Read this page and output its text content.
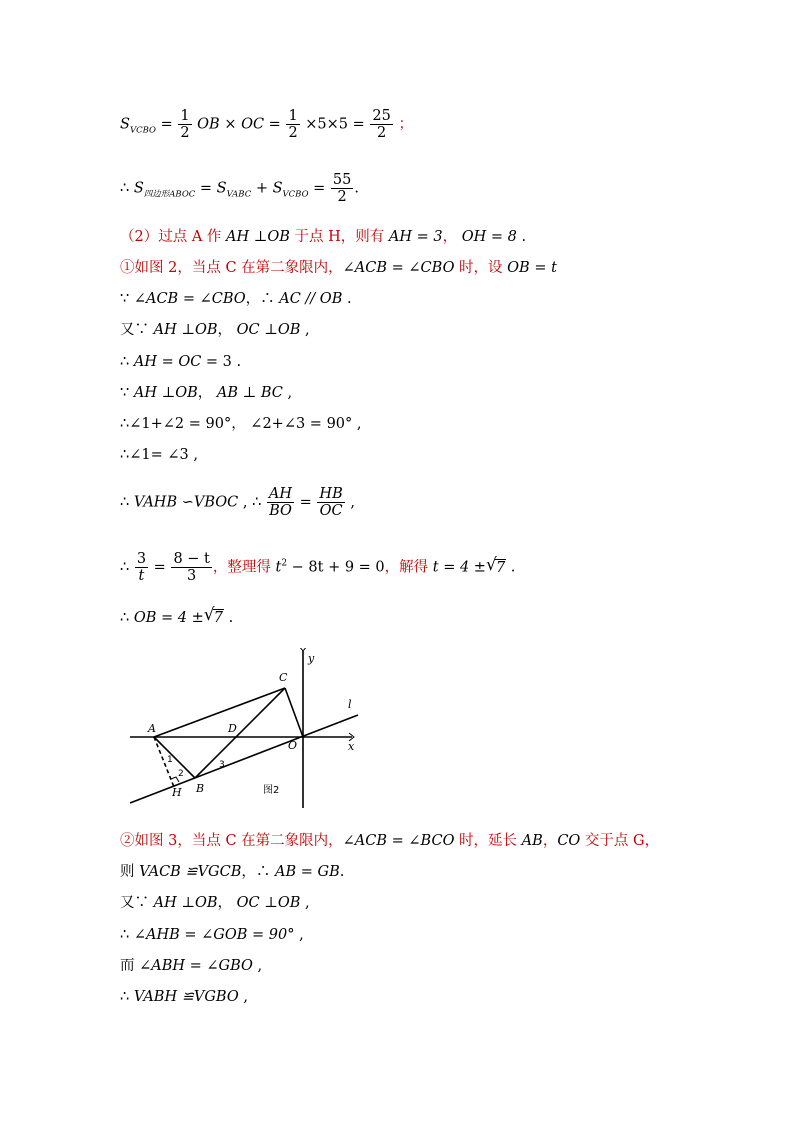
$S_{VCBO} = \frac{1}{2}$ OB × OC = $\frac{1}{2} \times 5\times 5 = \frac{25}{2}$ ；
∴ $S_{四边形ABOC} = S_{VABC} + S_{VCBO} = \frac{55}{2}$ .
（2）过点 A 作 AH ⊥OB 于点 H，则有 AH = 3， OH = 8 .
①如图 2，当点 C 在第二象限内，∠ACB = ∠CBO 时，设 OB = t
∵ ∠ACB = ∠CBO，∴ AC // OB .
又∵ AH ⊥OB， OC ⊥OB ,
∴ AH = OC = 3 .
∵ AH ⊥OB， AB ⊥ BC ,
∴∠1+∠2 = 90°， ∠2+∠3 = 90° ,
∴∠1= ∠3 ,
∴ VAHB ∽VBOC , ∴ $\frac{AH}{BO} = \frac{HB}{OC}$ ,
∴ $\frac{3}{t} = \frac{8 - t}{3}$ ，整理得 $t^2 - 8t + 9 = 0$，解得 t = 4 ± √ 7 .
∴ OB = 4 ± √ 7 .
y
x
l
C
A	D
O
B
H
1
2
3
图2
②如图 3，当点 C 在第二象限内，∠ACB = ∠BCO 时，延长 AB，CO 交于点 G，
则 VACB ≌VGCB，∴ AB = GB.
又∵ AH ⊥OB， OC ⊥OB ,
∴ ∠AHB = ∠GOB = 90° ,
而 ∠ABH = ∠GBO ,
∴ VABH ≌VGBO ,
